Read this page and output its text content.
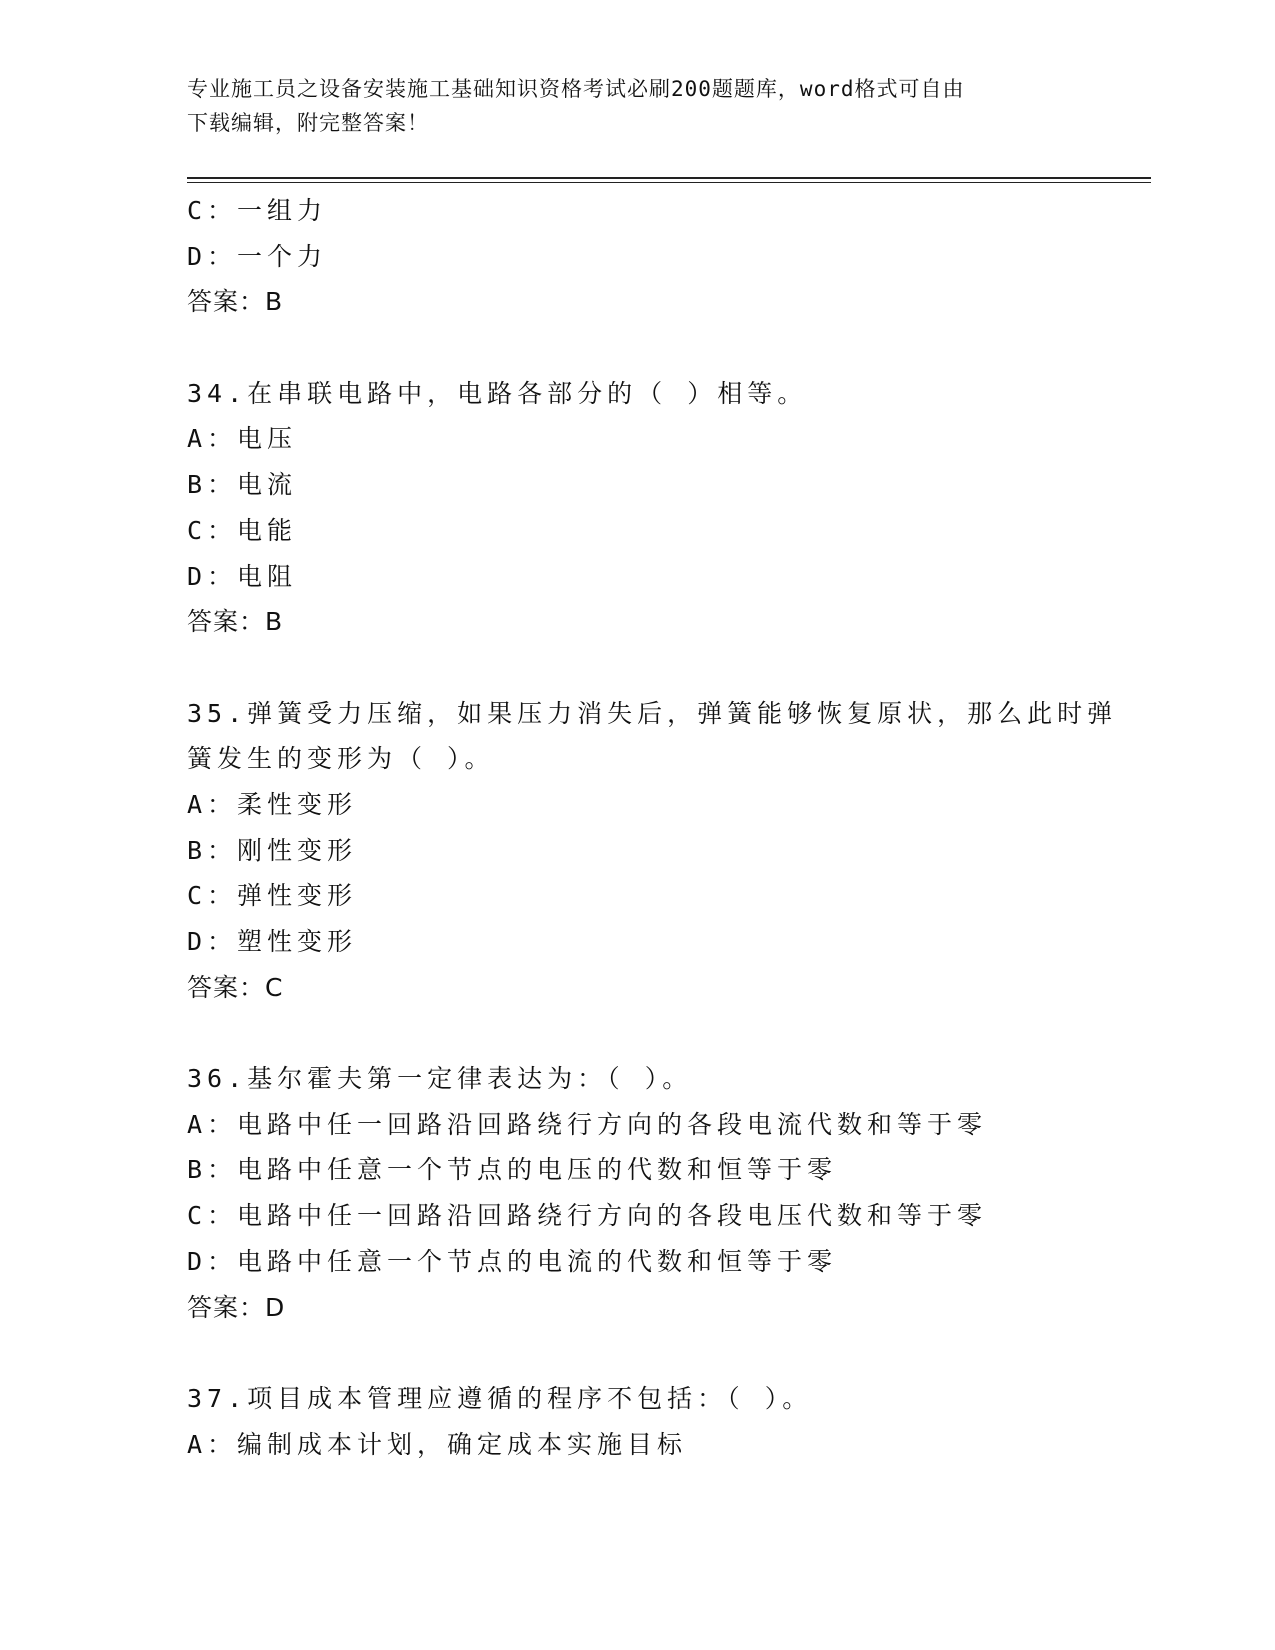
专业施工员之设备安装施工基础知识资格考试必刷200题题库，word格式可自由
下载编辑，附完整答案！
C：一组力
D：一个力
答案：B
34.在串联电路中，电路各部分的（ ）相等。
A：电压
B：电流
C：电能
D：电阻
答案：B
35.弹簧受力压缩，如果压力消失后，弹簧能够恢复原状，那么此时弹
簧发生的变形为（ ）。
A：柔性变形
B：刚性变形
C：弹性变形
D：塑性变形
答案：C
36.基尔霍夫第一定律表达为：（ ）。
A：电路中任一回路沿回路绕行方向的各段电流代数和等于零
B：电路中任意一个节点的电压的代数和恒等于零
C：电路中任一回路沿回路绕行方向的各段电压代数和等于零
D：电路中任意一个节点的电流的代数和恒等于零
答案：D
37.项目成本管理应遵循的程序不包括：（ ）。
A：编制成本计划，确定成本实施目标
